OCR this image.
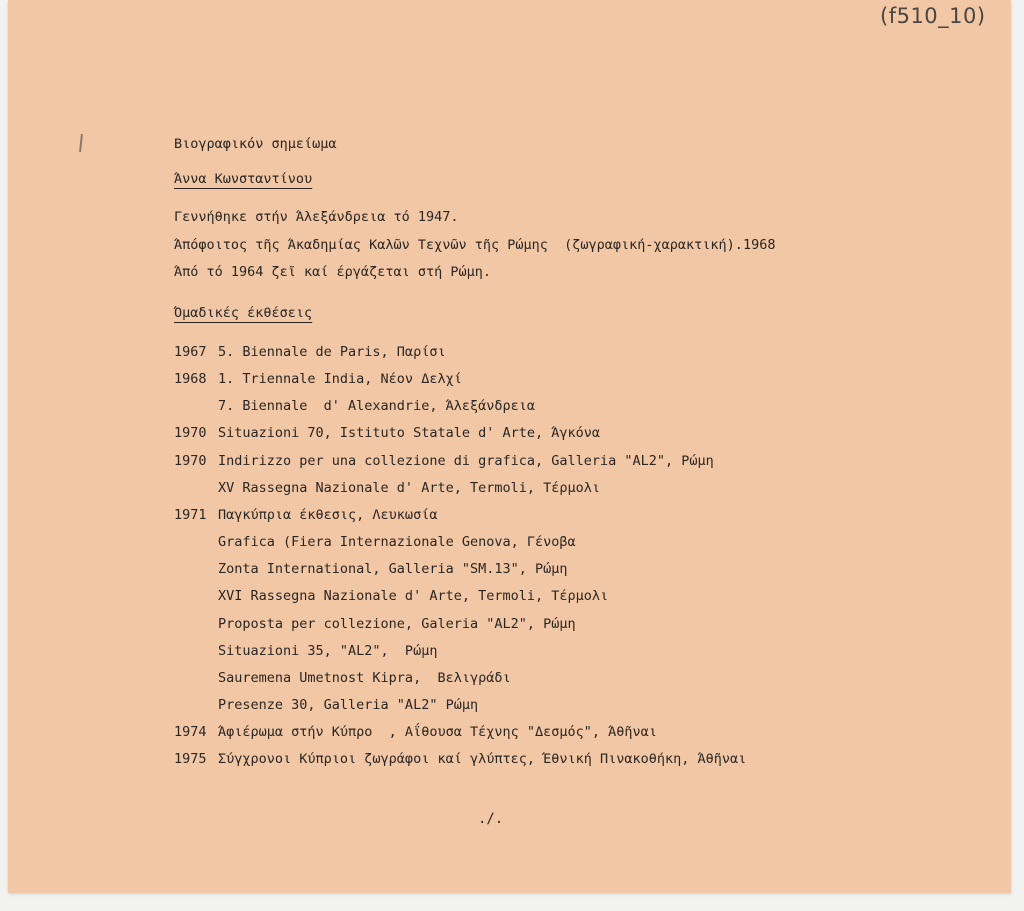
(f510_10)
Βιογραφικόν σημείωμα
Άννα Κωνσταντίνου
Γεννήθηκε στήν Άλεξάνδρεια τό 1947.
Άπόφοιτος τῆς Άκαδημίας Καλῶν Τεχνῶν τῆς Ρώμης  (ζωγραφική-χαρακτική).1968
Άπό τό 1964 ζεῖ καί έργάζεται στή Ρώμη.
Όμαδικές έκθέσεις
1967 5. Biennale de Paris, Παρίσι
1968 1. Triennale India, Νέον Δελχί
7. Biennale  d' Alexandrie, Άλεξάνδρεια
1970 Situazioni 70, Istituto Statale d' Arte, Άγκόνα
1970 Indirizzo per una collezione di grafica, Galleria "AL2", Ρώμη
XV Rassegna Nazionale d' Arte, Termoli, Τέρμολι
1971 Παγκύπρια έκθεσις, Λευκωσία
Grafica (Fiera Internazionale Genova, Γένοβα
Zonta International, Galleria "SM.13", Ρώμη
XVI Rassegna Nazionale d' Arte, Termoli, Τέρμολι
Proposta per collezione, Galeria "AL2", Ρώμη
Situazioni 35, "AL2",  Ρώμη
Sauremena Umetnost Kipra,  Βελιγράδι
Presenze 30, Galleria "AL2" Ρώμη
1974 Άφιέρωμα στήν Κύπρο  , Αΐθουσα Τέχνης "Δεσμός", Άθῆναι
1975 Σύγχρονοι Κύπριοι ζωγράφοι καί γλύπτες, Έθνική Πινακοθήκη, Άθῆναι
./.
